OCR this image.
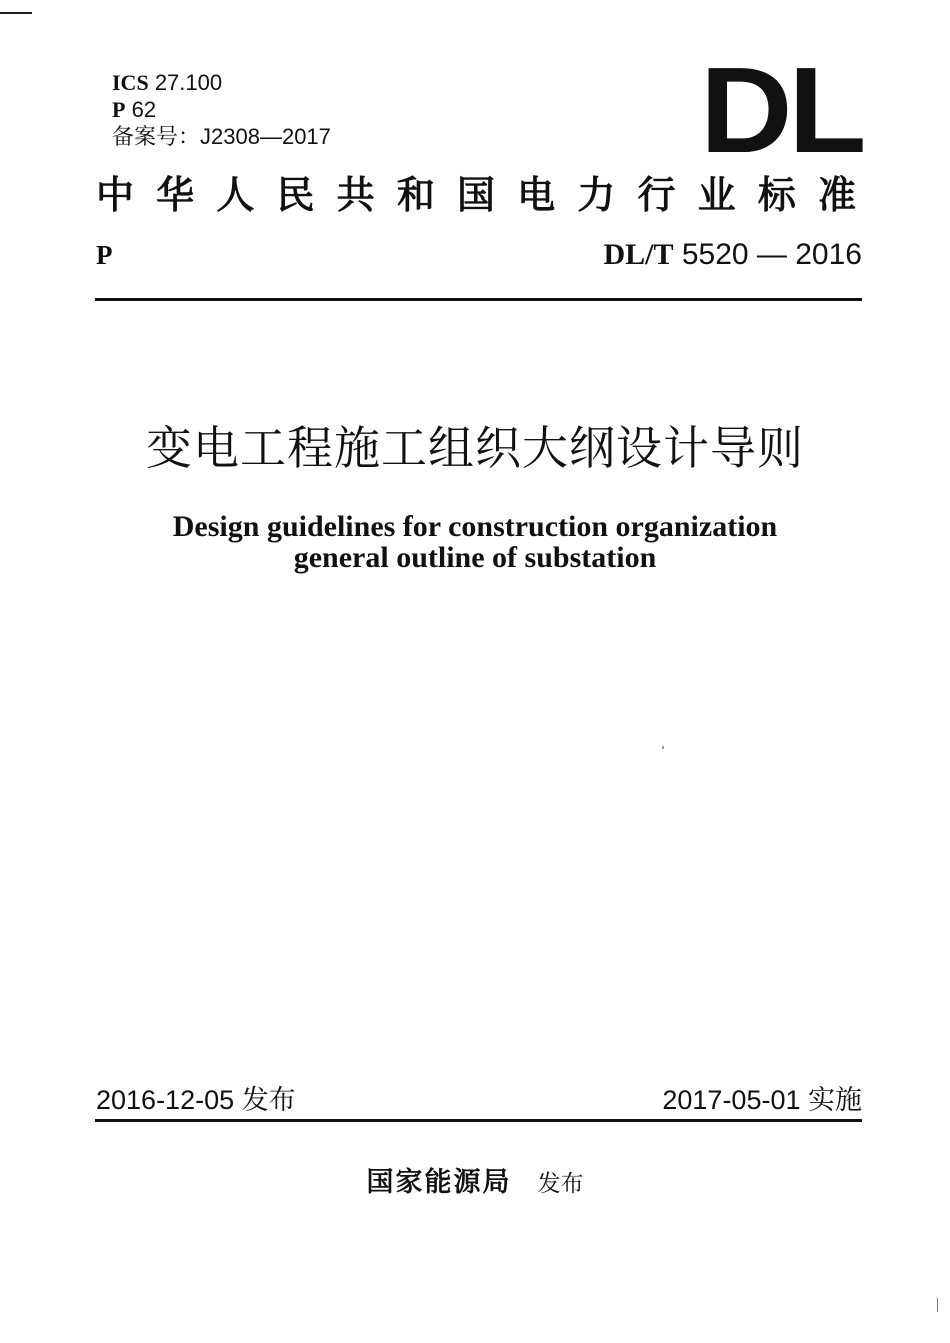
ICS 27.100
P 62
备案号：J2308—2017	DL
中华人民共和国电力行业标准
P	DL/T 5520 — 2016
变电工程施工组织大纲设计导则
Design guidelines for construction organization
general outline of substation
2016-12-05 发布	2017-05-01 实施
国家能源局 发布
